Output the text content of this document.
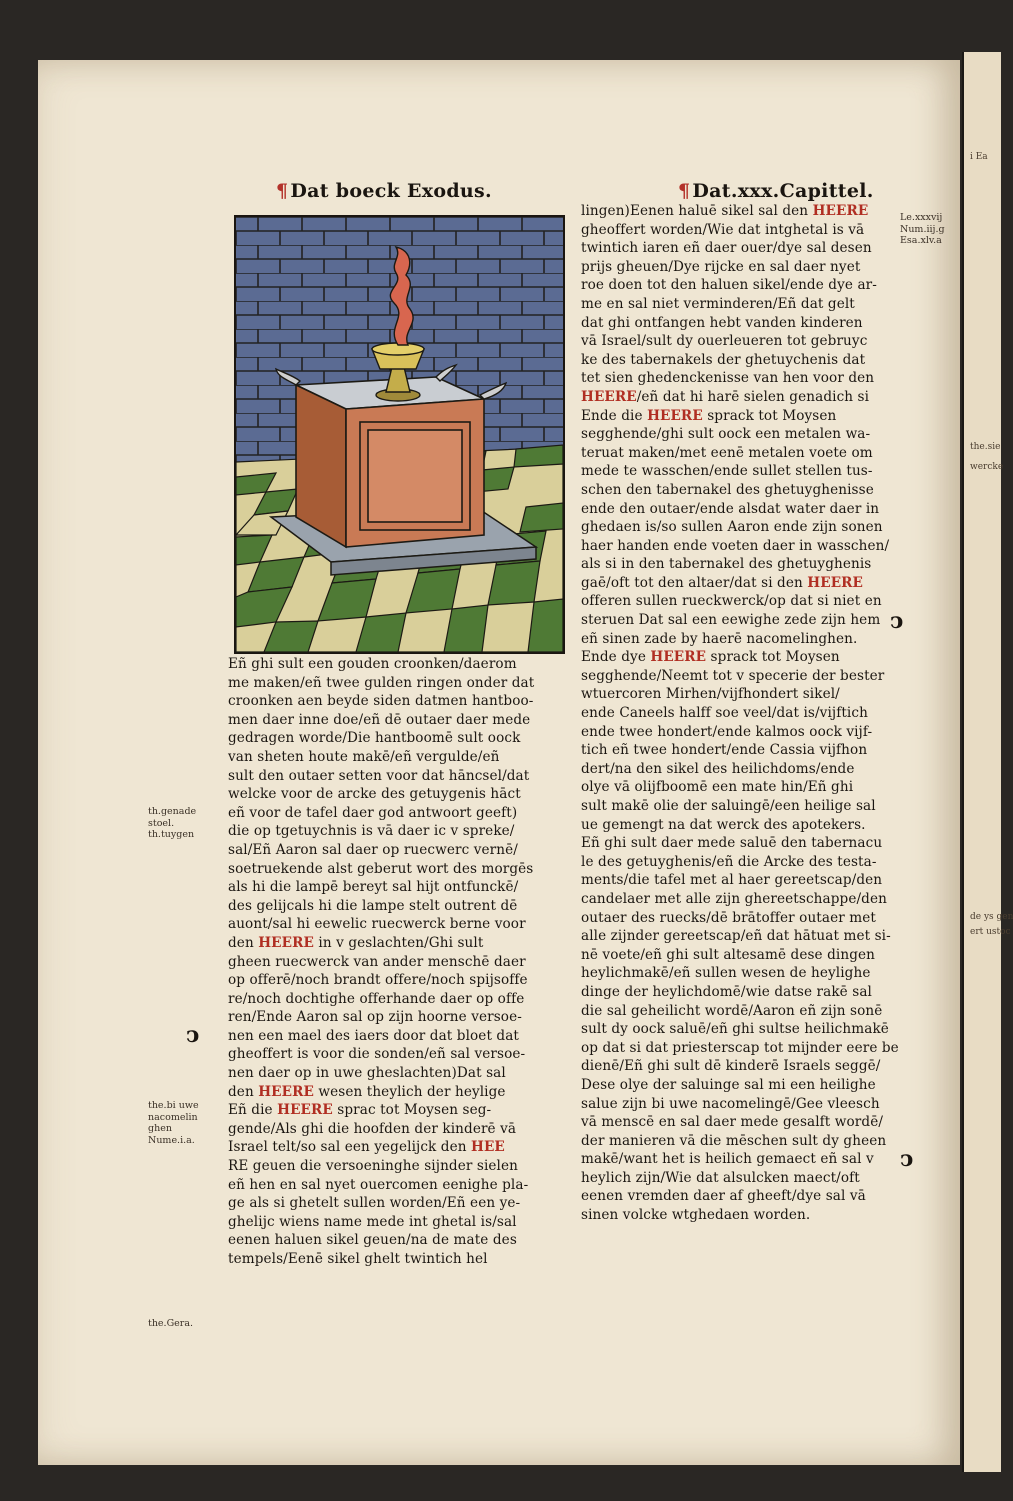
¶ Dat boeck Exodus.	¶ Dat.xxx.Capittel.
Eñ ghi sult een gouden croonken/daerom
me maken/eñ twee gulden ringen onder dat
croonken aen beyde siden datmen hantboo-
men daer inne doe/eñ dē outaer daer mede
gedragen worde/Die hantboomē sult oock
van sheten houte makē/eñ vergulde/eñ
sult den outaer setten voor dat hāncsel/dat
welcke voor de arcke des getuygenis hāct
eñ voor de tafel daer god antwoort geeft)
die op tgetuychnis is vā daer ic v spreke/
sal/Eñ Aaron sal daer op ruecwerc vernē/
soetruekende alst geberut wort des morgēs
als hi die lampē bereyt sal hijt ontfunckē/
des gelijcals hi die lampe stelt outrent dē
auont/sal hi eewelic ruecwerck berne voor
den HEERE in v geslachten/Ghi sult
gheen ruecwerck van ander menschē daer
op offerē/noch brandt offere/noch spijsoffe
re/noch dochtighe offerhande daer op offe
ren/Ende Aaron sal op zijn hoorne versoe-
nen een mael des iaers door dat bloet dat
gheoffert is voor die sonden/eñ sal versoe-
nen daer op in uwe gheslachten)Dat sal
den HEERE wesen theylich der heylige
Eñ die HEERE sprac tot Moysen seg-
gende/Als ghi die hoofden der kinderē vā
Israel telt/so sal een yegelijck den HEE
RE geuen die versoeninghe sijnder sielen
eñ hen en sal nyet ouercomen eenighe pla-
ge als si ghetelt sullen worden/Eñ een ye-
ghelijc wiens name mede int ghetal is/sal
eenen haluen sikel geuen/na de mate des
tempels/Eenē sikel ghelt twintich hel
lingen)Eenen haluē sikel sal den HEERE
gheoffert worden/Wie dat intghetal is vā
twintich iaren eñ daer ouer/dye sal desen
prijs gheuen/Dye rijcke en sal daer nyet
roe doen tot den haluen sikel/ende dye ar-
me en sal niet verminderen/Eñ dat gelt
dat ghi ontfangen hebt vanden kinderen
vā Israel/sult dy ouerleueren tot gebruyc
ke des tabernakels der ghetuychenis dat
tet sien ghedenckenisse van hen voor den
HEERE/eñ dat hi harē sielen genadich si
Ende die HEERE sprack tot Moysen
segghende/ghi sult oock een metalen wa-
teruat maken/met eenē metalen voete om
mede te wasschen/ende sullet stellen tus-
schen den tabernakel des ghetuyghenisse
ende den outaer/ende alsdat water daer in
ghedaen is/so sullen Aaron ende zijn sonen
haer handen ende voeten daer in wasschen/
als si in den tabernakel des ghetuyghenis
gaē/oft tot den altaer/dat si den HEERE
offeren sullen rueckwerck/op dat si niet en
steruen Dat sal een eewighe zede zijn hem
eñ sinen zade by haerē nacomelinghen.
Ende dye HEERE sprack tot Moysen
segghende/Neemt tot v specerie der bester
wtuercoren Mirhen/vijfhondert sikel/
ende Caneels halff soe veel/dat is/vijftich
ende twee hondert/ende kalmos oock vijf-
tich eñ twee hondert/ende Cassia vijfhon
dert/na den sikel des heilichdoms/ende
olye vā olijfboomē een mate hin/Eñ ghi
sult makē olie der saluingē/een heilige sal
ue gemengt na dat werck des apotekers.
Eñ ghi sult daer mede saluē den tabernacu
le des getuyghenis/eñ die Arcke des testa-
ments/die tafel met al haer gereetscap/den
candelaer met alle zijn ghereetschappe/den
outaer des ruecks/dē brātoffer outaer met
alle zijnder gereetscap/eñ dat hātuat met si-
nē voete/eñ ghi sult altesamē dese dingen
heylichmakē/eñ sullen wesen de heylighe
dinge der heylichdomē/wie datse rakē sal
die sal geheilicht wordē/Aaron eñ zijn sonē
sult dy oock saluē/eñ ghi sultse heilichmakē
op dat si dat priesterscap tot mijnder eere be
dienē/Eñ ghi sult dē kinderē Israels seggē/
Dese olye der saluinge sal mi een heilighe
salue zijn bi uwe nacomelingē/Gee vleesch
vā menscē en sal daer mede gesalft wordē/
der manieren vā die mēschen sult dy gheen
makē/want het is heilich gemaect eñ sal v
heylich zijn/Wie dat alsulcken maect/oft
eenen vremden daer af gheeft/dye sal vā
sinen volcke wtghedaen worden.
th.genade
stoel.
th.tuygen
the.bi uwe
nacomelin
ghen
Nume.i.a.
the.Gera.
Le.xxxvij
Num.iij.g
Esa.xlv.a
ↄ
ↄ
ↄ
i Ea
the.sie
wercke
de ys gen
ert ustoc
